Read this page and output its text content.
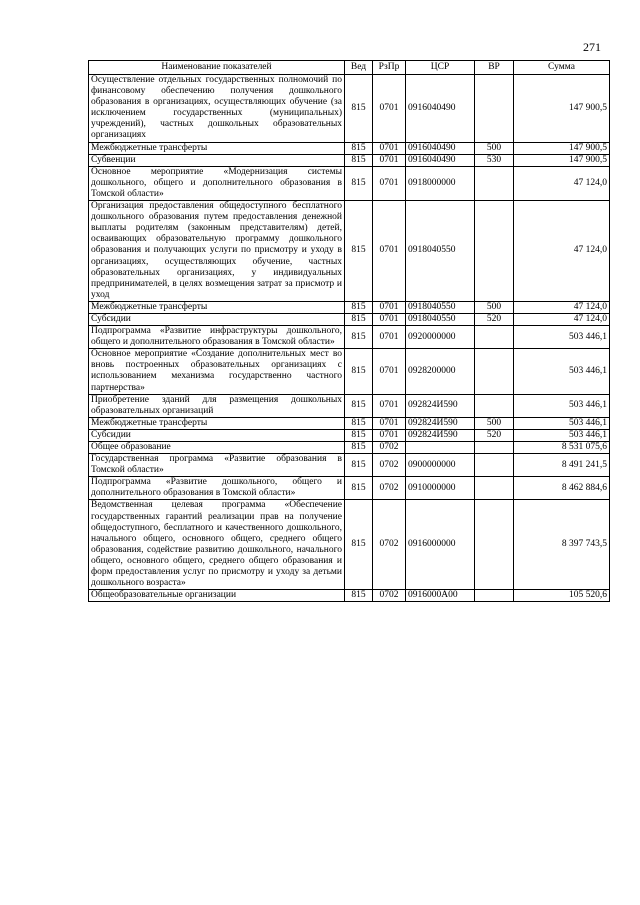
271
Наименование показателей	Вед	РзПр	ЦСР	ВР	Сумма
Осуществление отдельных государственных полномочий по финансовому обеспечению получения дошкольного образования в организациях, осуществляющих обучение (за исключением государственных (муниципальных) учреждений), частных дошкольных образовательных организациях	815	0701	0916040490		147 900,5
Межбюджетные трансферты	815	0701	0916040490	500	147 900,5
Субвенции	815	0701	0916040490	530	147 900,5
Основное мероприятие «Модернизация системы дошкольного, общего и дополнительного образования в Томской области»	815	0701	0918000000		47 124,0
Организация предоставления общедоступного бесплатного дошкольного образования путем предоставления денежной выплаты родителям (законным представителям) детей, осваивающих образовательную программу дошкольного образования и получающих услуги по присмотру и уходу в организациях, осуществляющих обучение, частных образовательных организациях, у индивидуальных предпринимателей, в целях возмещения затрат за присмотр и уход	815	0701	0918040550		47 124,0
Межбюджетные трансферты	815	0701	0918040550	500	47 124,0
Субсидии	815	0701	0918040550	520	47 124,0
Подпрограмма «Развитие инфраструктуры дошкольного, общего и дополнительного образования в Томской области»	815	0701	0920000000		503 446,1
Основное мероприятие «Создание дополнительных мест во вновь построенных образовательных организациях с использованием механизма государственно частного партнерства»	815	0701	0928200000		503 446,1
Приобретение зданий для размещения дошкольных образовательных организаций	815	0701	092824И590		503 446,1
Межбюджетные трансферты	815	0701	092824И590	500	503 446,1
Субсидии	815	0701	092824И590	520	503 446,1
Общее образование	815	0702			8 531 075,6
Государственная программа «Развитие образования в Томской области»	815	0702	0900000000		8 491 241,5
Подпрограмма «Развитие дошкольного, общего и дополнительного образования в Томской области»	815	0702	0910000000		8 462 884,6
Ведомственная целевая программа «Обеспечение государственных гарантий реализации прав на получение общедоступного, бесплатного и качественного дошкольного, начального общего, основного общего, среднего общего образования, содействие развитию дошкольного, начального общего, основного общего, среднего общего образования и форм предоставления услуг по присмотру и уходу за детьми дошкольного возраста»	815	0702	0916000000		8 397 743,5
Общеобразовательные организации	815	0702	0916000А00		105 520,6
